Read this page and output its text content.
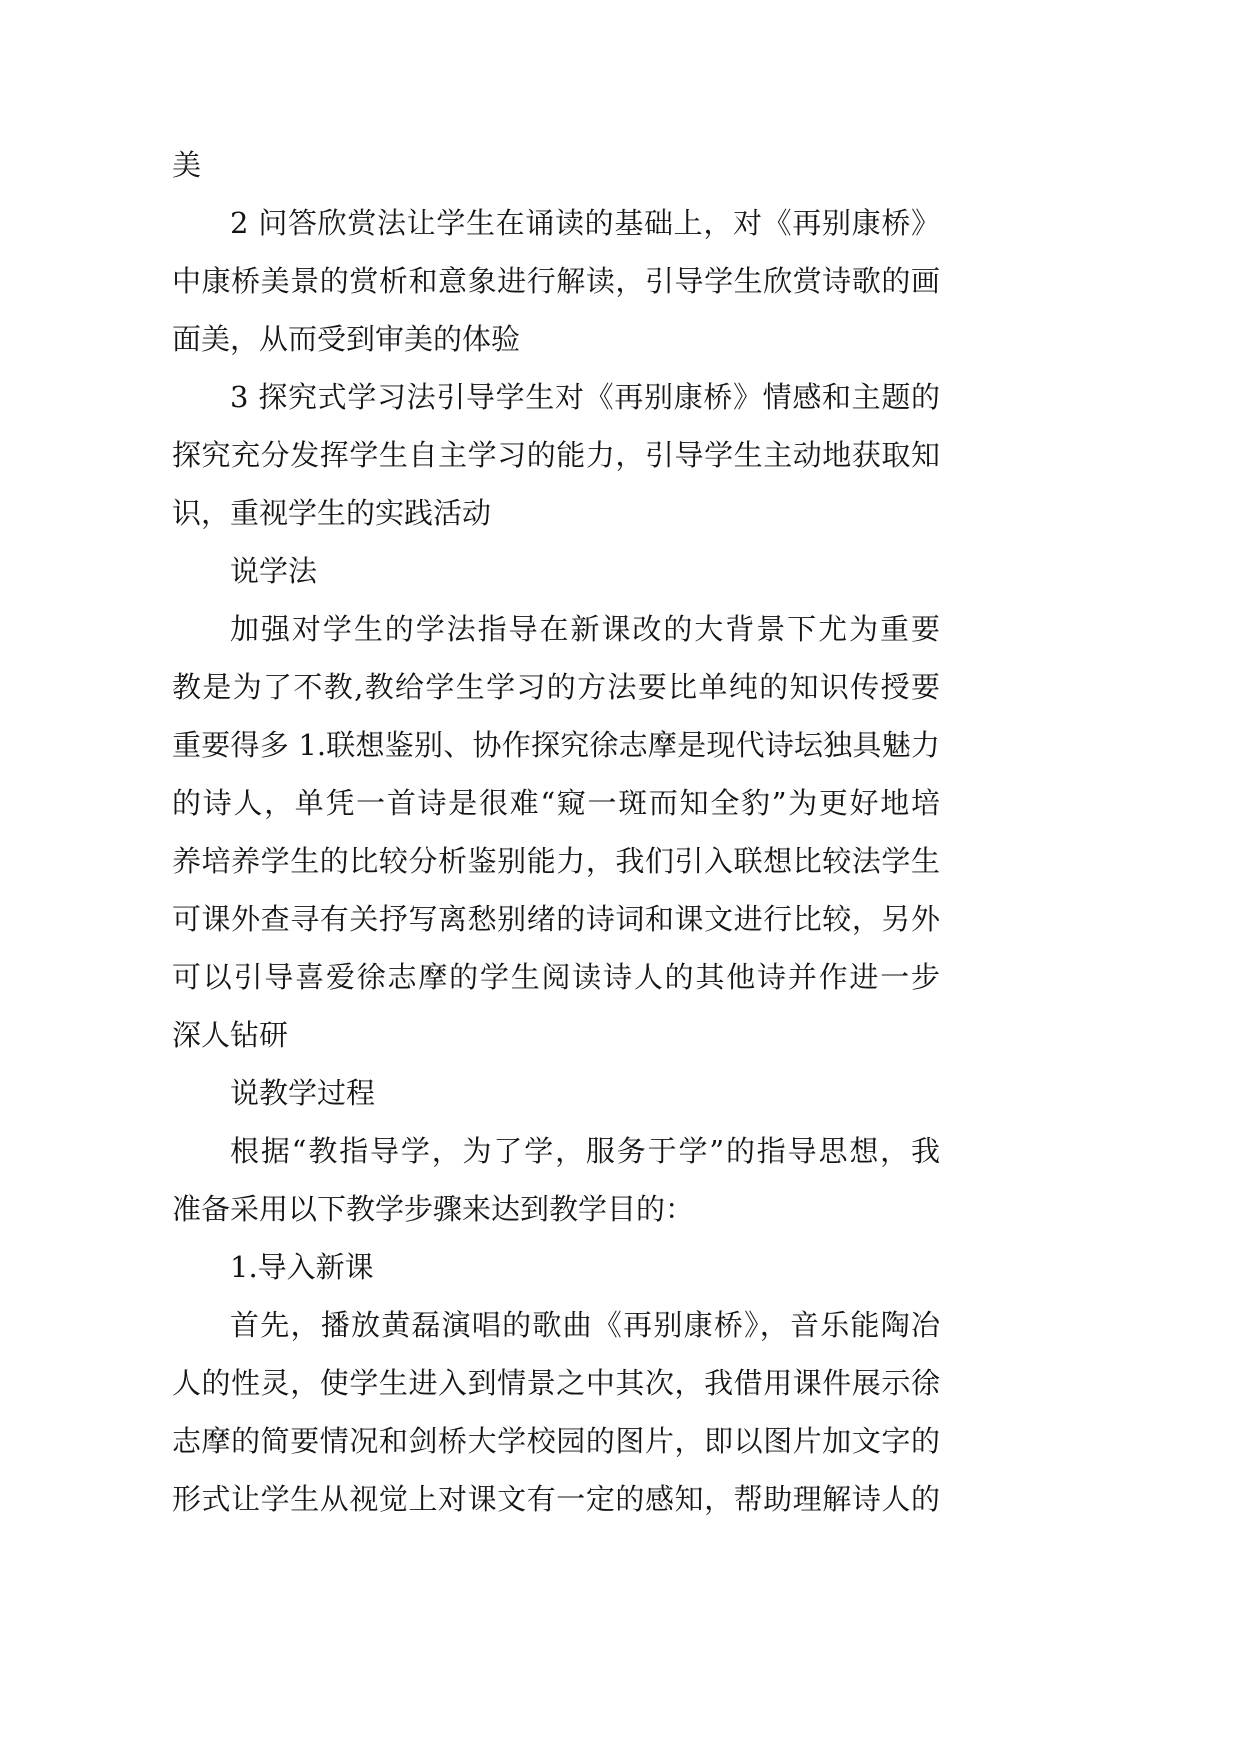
美
2 问答欣赏法让学生在诵读的基础上，对《再别康桥》
中康桥美景的赏析和意象进行解读，引导学生欣赏诗歌的画
面美，从而受到审美的体验
3 探究式学习法引导学生对《再别康桥》情感和主题的
探究充分发挥学生自主学习的能力，引导学生主动地获取知
识，重视学生的实践活动
说学法
加强对学生的学法指导在新课改的大背景下尤为重要
教是为了不教,教给学生学习的方法要比单纯的知识传授要
重要得多 1.联想鉴别、协作探究徐志摩是现代诗坛独具魅力
的诗人，单凭一首诗是很难“窥一斑而知全豹”为更好地培
养培养学生的比较分析鉴别能力，我们引入联想比较法学生
可课外查寻有关抒写离愁别绪的诗词和课文进行比较，另外
可以引导喜爱徐志摩的学生阅读诗人的其他诗并作进一步
深人钻研
说教学过程
根据“教指导学，为了学，服务于学”的指导思想，我
准备采用以下教学步骤来达到教学目的：
1.导入新课
首先，播放黄磊演唱的歌曲《再别康桥》，音乐能陶冶
人的性灵，使学生进入到情景之中其次，我借用课件展示徐
志摩的简要情况和剑桥大学校园的图片，即以图片加文字的
形式让学生从视觉上对课文有一定的感知，帮助理解诗人的
